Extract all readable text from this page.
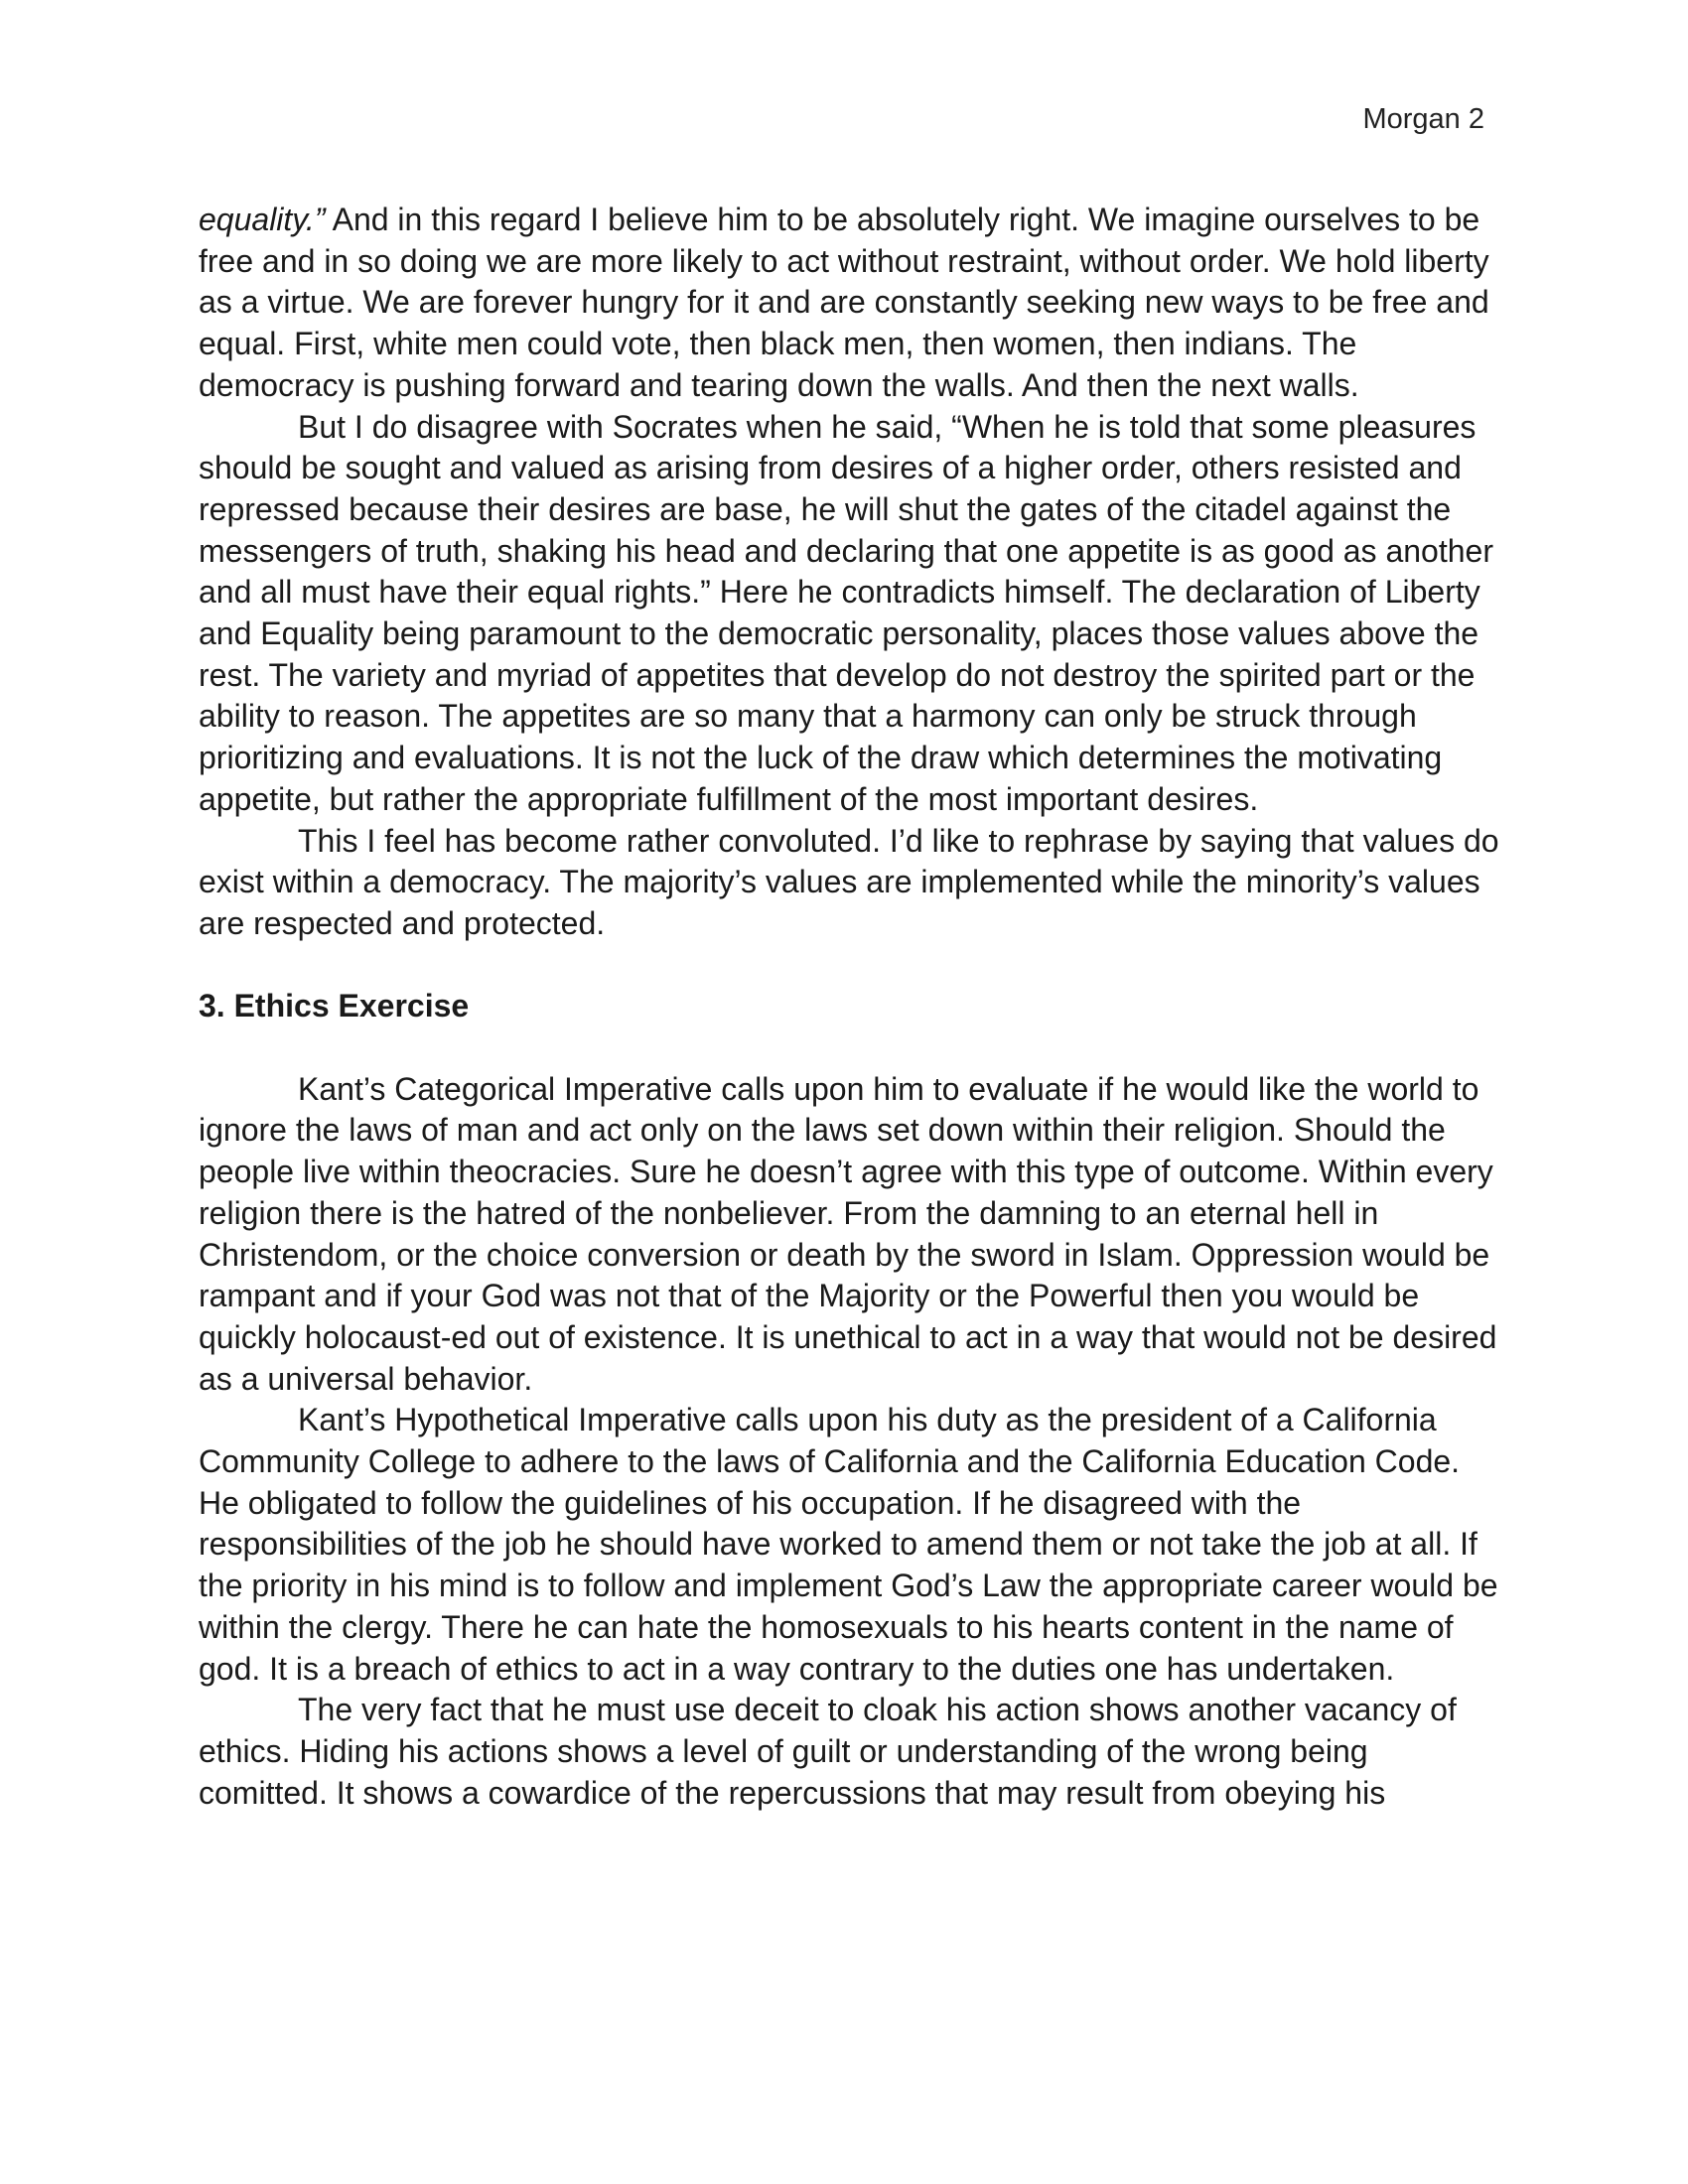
Morgan 2

equality.” And in this regard I believe him to be absolutely right. We imagine ourselves to be free and in so doing we are more likely to act without restraint, without order. We hold liberty as a virtue. We are forever hungry for it and are constantly seeking new ways to be free and equal. First, white men could vote, then black men, then women, then indians. The democracy is pushing forward and tearing down the walls. And then the next walls.

But I do disagree with Socrates when he said, “When he is told that some pleasures should be sought and valued as arising from desires of a higher order, others resisted and repressed because their desires are base, he will shut the gates of the citadel against the messengers of truth, shaking his head and declaring that one appetite is as good as another and all must have their equal rights.” Here he contradicts himself. The declaration of Liberty and Equality being paramount to the democratic personality, places those values above the rest. The variety and myriad of appetites that develop do not destroy the spirited part or the ability to reason. The appetites are so many that a harmony can only be struck through prioritizing and evaluations. It is not the luck of the draw which determines the motivating appetite, but rather the appropriate fulfillment of the most important desires.

This I feel has become rather convoluted. I’d like to rephrase by saying that values do exist within a democracy. The majority’s values are implemented while the minority’s values are respected and protected.

3. Ethics Exercise

Kant’s Categorical Imperative calls upon him to evaluate if he would like the world to ignore the laws of man and act only on the laws set down within their religion. Should the people live within theocracies. Sure he doesn’t agree with this type of outcome. Within every religion there is the hatred of the nonbeliever. From the damning to an eternal hell in Christendom, or the choice conversion or death by the sword in Islam. Oppression would be rampant and if your God was not that of the Majority or the Powerful then you would be quickly holocaust-ed out of existence. It is unethical to act in a way that would not be desired as a universal behavior.

Kant’s Hypothetical Imperative calls upon his duty as the president of a California Community College to adhere to the laws of California and the California Education Code. He obligated to follow the guidelines of his occupation. If he disagreed with the responsibilities of the job he should have worked to amend them or not take the job at all. If the priority in his mind is to follow and implement God’s Law the appropriate career would be within the clergy. There he can hate the homosexuals to his hearts content in the name of god. It is a breach of ethics to act in a way contrary to the duties one has undertaken.

The very fact that he must use deceit to cloak his action shows another vacancy of ethics. Hiding his actions shows a level of guilt or understanding of the wrong being comitted. It shows a cowardice of the repercussions that may result from obeying his
